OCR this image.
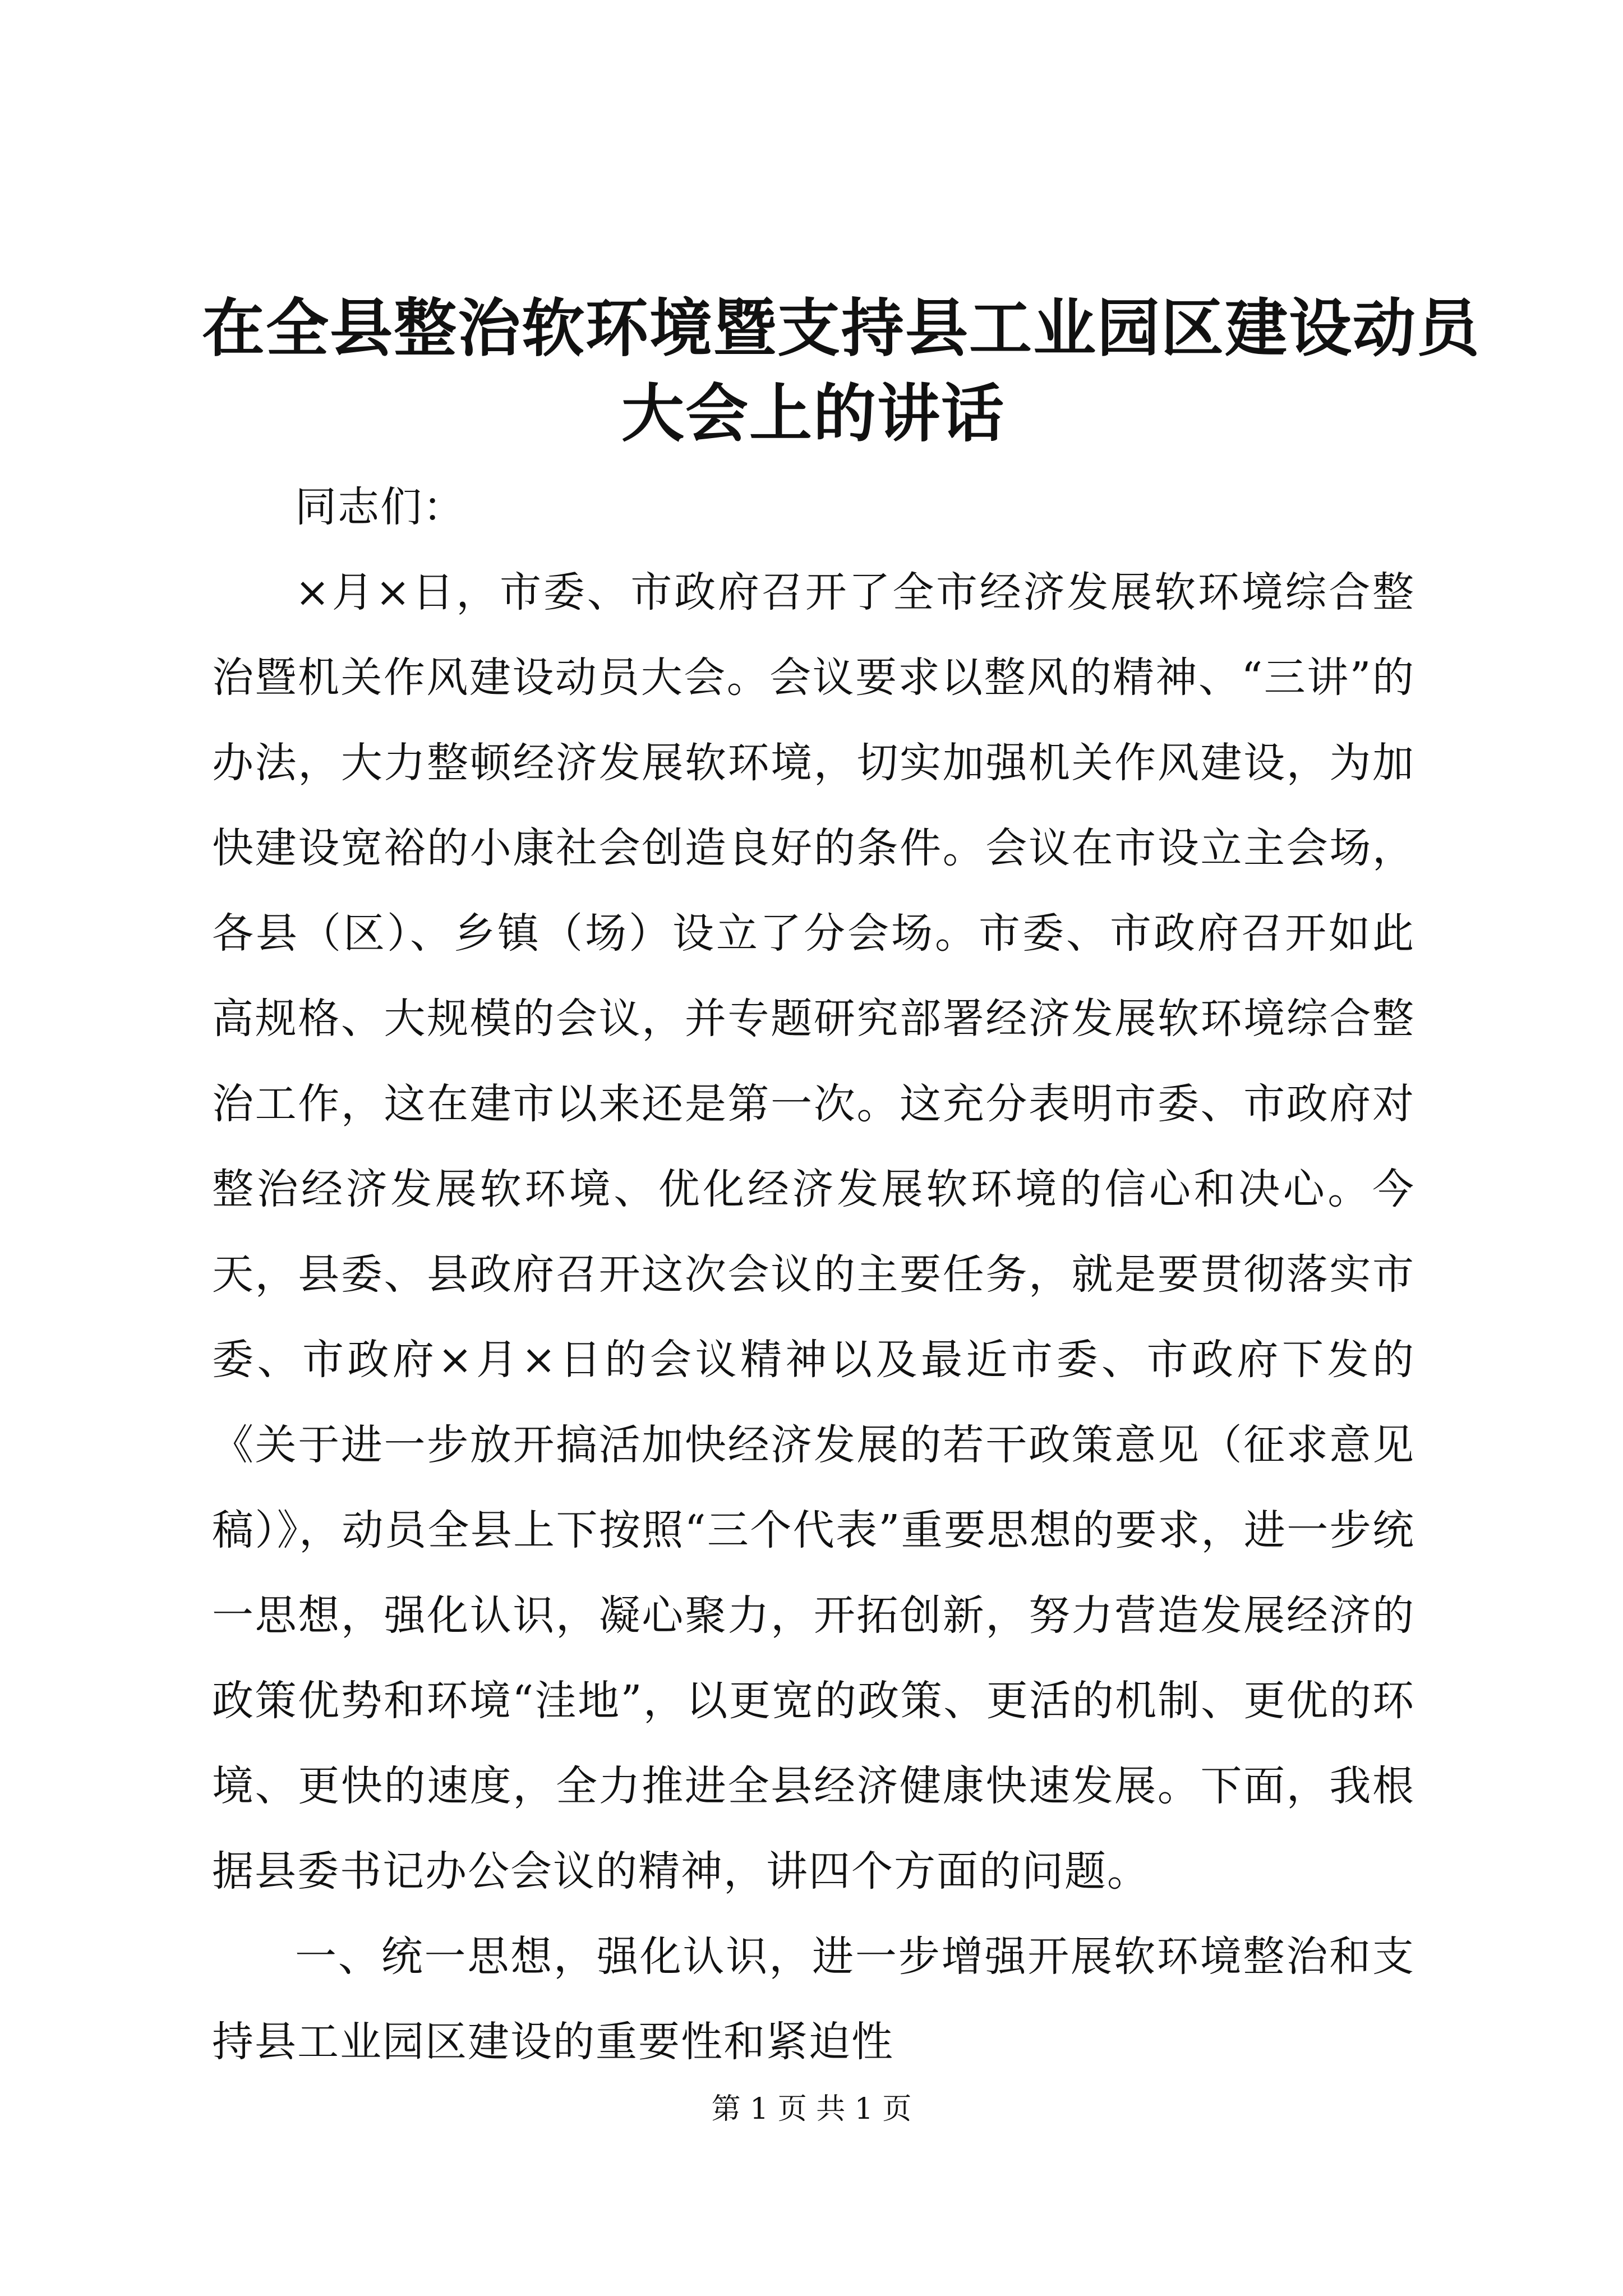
在全县整治软环境暨支持县工业园区建设动员
大会上的讲话

同志们：

×月×日，市委、市政府召开了全市经济发展软环境综合整治暨机关作风建设动员大会。会议要求以整风的精神、“三讲”的办法，大力整顿经济发展软环境，切实加强机关作风建设，为加快建设宽裕的小康社会创造良好的条件。会议在市设立主会场，各县（区）、乡镇（场）设立了分会场。市委、市政府召开如此高规格、大规模的会议，并专题研究部署经济发展软环境综合整治工作，这在建市以来还是第一次。这充分表明市委、市政府对整治经济发展软环境、优化经济发展软环境的信心和决心。今天，县委、县政府召开这次会议的主要任务，就是要贯彻落实市委、市政府×月×日的会议精神以及最近市委、市政府下发的《关于进一步放开搞活加快经济发展的若干政策意见（征求意见稿）》，动员全县上下按照“三个代表”重要思想的要求，进一步统一思想，强化认识，凝心聚力，开拓创新，努力营造发展经济的政策优势和环境“洼地”，以更宽的政策、更活的机制、更优的环境、更快的速度，全力推进全县经济健康快速发展。下面，我根据县委书记办公会议的精神，讲四个方面的问题。

一、统一思想，强化认识，进一步增强开展软环境整治和支持县工业园区建设的重要性和紧迫性

第 1 页 共 1 页
